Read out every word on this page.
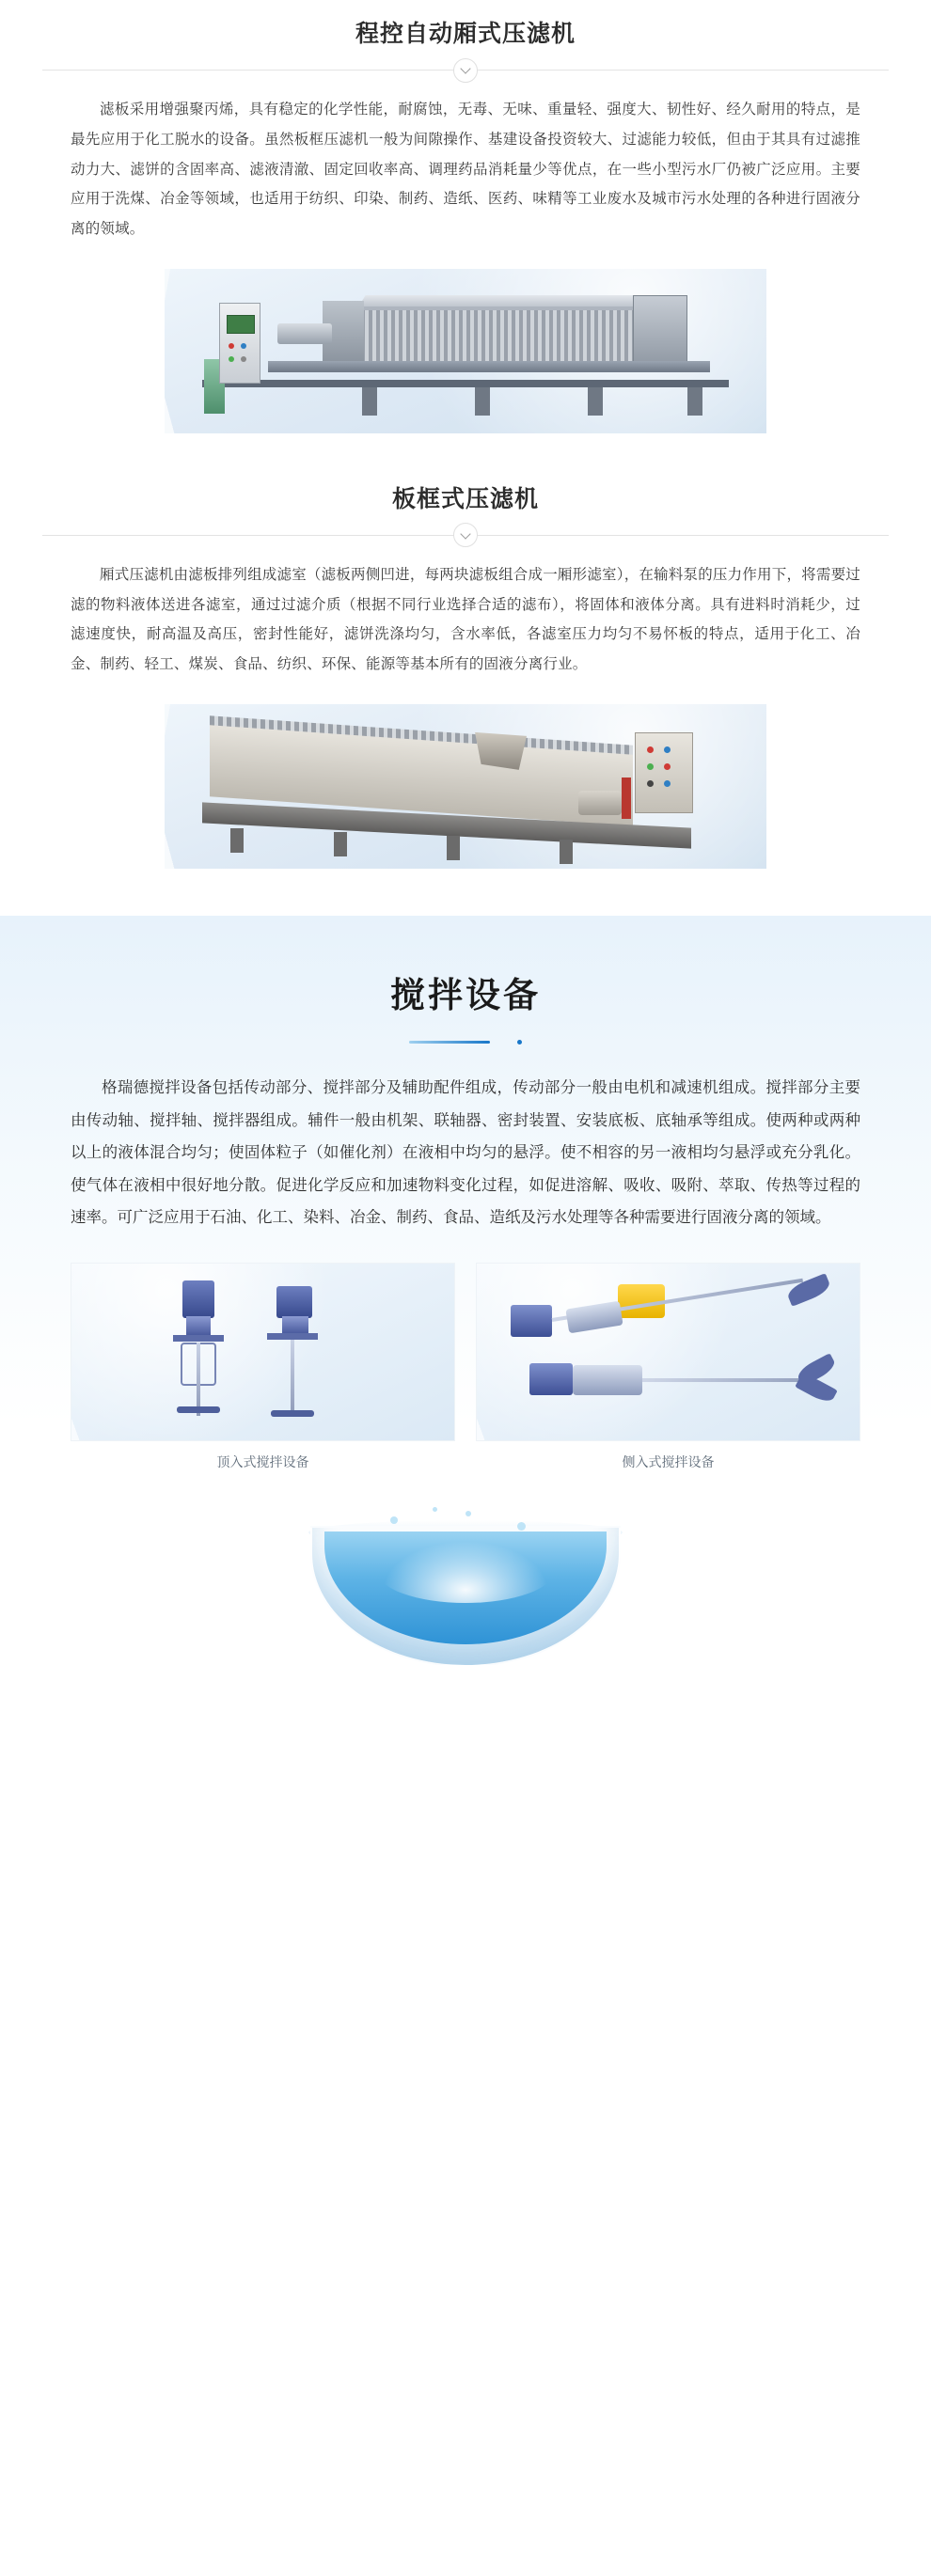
程控自动厢式压滤机
滤板采用增强聚丙烯，具有稳定的化学性能，耐腐蚀，无毒、无味、重量轻、强度大、韧性好、经久耐用的特点，是最先应用于化工脱水的设备。虽然板框压滤机一般为间隙操作、基建设备投资较大、过滤能力较低，但由于其具有过滤推动力大、滤饼的含固率高、滤液清澈、固定回收率高、调理药品消耗量少等优点，在一些小型污水厂仍被广泛应用。主要应用于洗煤、冶金等领域，也适用于纺织、印染、制药、造纸、医药、味精等工业废水及城市污水处理的各种进行固液分离的领域。
板框式压滤机
厢式压滤机由滤板排列组成滤室（滤板两侧凹进，每两块滤板组合成一厢形滤室），在输料泵的压力作用下，将需要过滤的物料液体送进各滤室，通过过滤介质（根据不同行业选择合适的滤布），将固体和液体分离。具有进料时消耗少，过滤速度快，耐高温及高压，密封性能好，滤饼洗涤均匀，含水率低，各滤室压力均匀不易怀板的特点，适用于化工、冶金、制药、轻工、煤炭、食品、纺织、环保、能源等基本所有的固液分离行业。
搅拌设备
格瑞德搅拌设备包括传动部分、搅拌部分及辅助配件组成，传动部分一般由电机和减速机组成。搅拌部分主要由传动轴、搅拌轴、搅拌器组成。辅件一般由机架、联轴器、密封装置、安装底板、底轴承等组成。使两种或两种以上的液体混合均匀；使固体粒子（如催化剂）在液相中均匀的悬浮。使不相容的另一液相均匀悬浮或充分乳化。使气体在液相中很好地分散。促进化学反应和加速物料变化过程，如促进溶解、吸收、吸附、萃取、传热等过程的速率。可广泛应用于石油、化工、染料、冶金、制药、食品、造纸及污水处理等各种需要进行固液分离的领域。
顶入式搅拌设备	侧入式搅拌设备
